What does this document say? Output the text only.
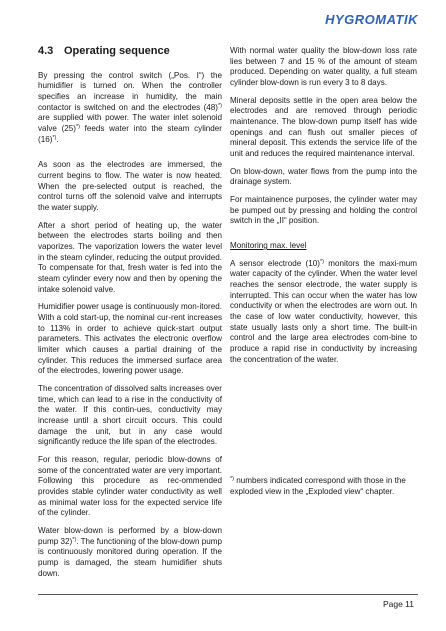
HYGROMATIK
4.3 Operating sequence

By pressing the control switch („Pos. I“) the humidifier is turned on. When the controller specifies an increase in humidity, the main contactor is switched on and the electrodes (48)*) are supplied with power. The water inlet solenoid valve (25)*) feeds water into the steam cylinder (16)*).

As soon as the electrodes are immersed, the current begins to flow. The water is now heated. When the pre-selected output is reached, the control turns off the solenoid valve and interrupts the water supply.

After a short period of heating up, the water between the electrodes starts boiling and then vaporizes. The vaporization lowers the water level in the steam cylinder, reducing the output provided. To compensate for that, fresh water is fed into the steam cylinder every now and then by opening the intake solenoid valve.

Humidifier power usage is continuously mon-itored. With a cold start-up, the nominal cur-rent increases to 113% in order to achieve quick-start output parameters. This activates the electronic overflow limiter which causes a partial draining of the cylinder. This reduces the immersed surface area of the electrodes, lowering power usage.

The concentration of dissolved salts increases over time, which can lead to a rise in the conductivity of the water. If this contin-ues, conductivity may increase until a short circuit occurs. This could damage the unit, but in any case would significantly reduce the life span of the electrodes.

For this reason, regular, periodic blow-downs of some of the concentrated water are very important. Following this procedure as rec-ommended provides stable cylinder water conductivity as well as minimal water loss for the expected service life of the cylinder.

Water blow-down is performed by a blow-down pump 32)*). The functioning of the blow-down pump is continuously monitored during operation. If the pump is damaged, the steam humidifier shuts down.

With normal water quality the blow-down loss rate lies between 7 and 15 % of the amount of steam produced. Depending on water quality, a full steam cylinder blow-down is run every 3 to 8 days.

Mineral deposits settle in the open area below the electrodes and are removed through periodic maintenance. The blow-down pump itself has wide openings and can flush out smaller pieces of mineral deposit. This extends the service life of the unit and reduces the required maintenance interval.

On blow-down, water flows from the pump into the drainage system.

For maintainence purposes, the cylinder water may be pumped out by pressing and holding the control switch in the „II“ position.

Monitoring max. level

A sensor electrode (10)*) monitors the maxi-mum water capacity of the cylinder. When the water level reaches the sensor electrode, the water supply is interrupted. This can occur when the water has low conductivity or when the electrodes are worn out. In the case of low water conductivity, however, this state usually lasts only a short time. The built-in control and the large area electrodes com-bine to produce a rapid rise in conductivity by increasing the concentration of the water.

*) numbers indicated correspond with those in the exploded view in the „Exploded view“ chapter.
Page 11
